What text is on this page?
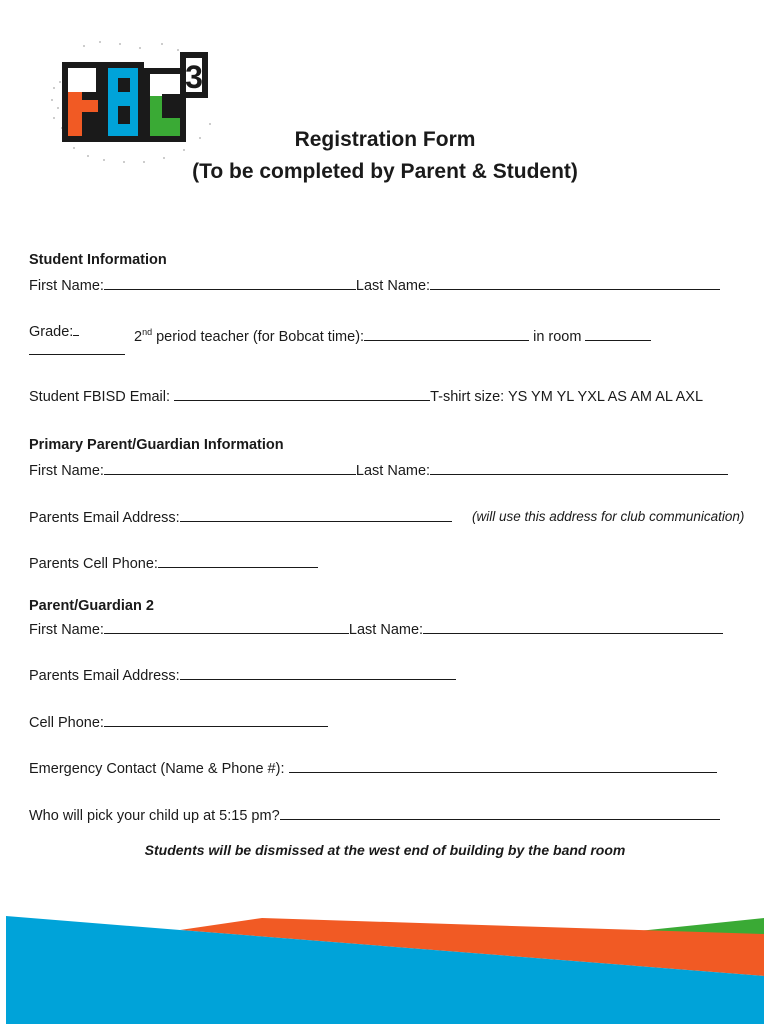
3
Registration Form
(To be completed by Parent & Student)
Student Information
First Name:	Last Name:
Grade:	2nd period teacher (for Bobcat time):	in room
Student FBISD Email:	T-shirt size: YS YM YL YXL AS AM AL AXL
Primary Parent/Guardian Information
First Name:	Last Name:
Parents Email Address:	(will use this address for club communication)
Parents Cell Phone:
Parent/Guardian 2
First Name:	Last Name:
Parents Email Address:
Cell Phone:
Emergency Contact (Name & Phone #):
Who will pick your child up at 5:15 pm?
Students will be dismissed at the west end of building by the band room
